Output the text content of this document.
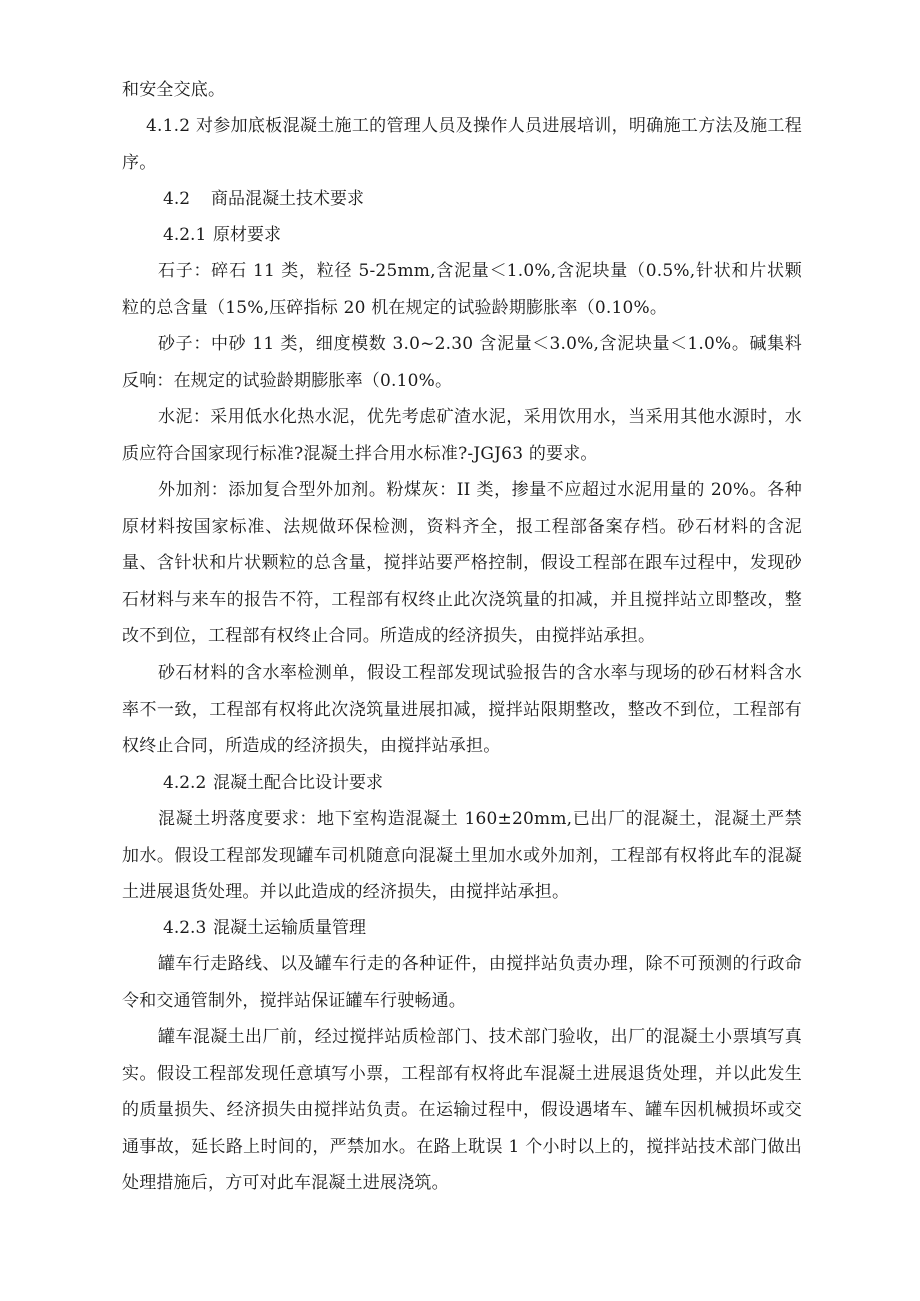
和安全交底。

4.1.2 对参加底板混凝土施工的管理人员及操作人员进展培训，明确施工方法及施工程序。

4.2 商品混凝土技术要求
4.2.1 原材要求

石子：碎石 11 类，粒径 5-25mm,含泥量＜1.0%,含泥块量（0.5%,针状和片状颗粒的总含量（15%,压碎指标 20 机在规定的试验龄期膨胀率（0.10%。

砂子：中砂 11 类，细度模数 3.0~2.30 含泥量＜3.0%,含泥块量＜1.0%。碱集料反响：在规定的试验龄期膨胀率（0.10%。

水泥：采用低水化热水泥，优先考虑矿渣水泥，采用饮用水，当采用其他水源时，水质应符合国家现行标准?混凝土拌合用水标准?-JGJ63 的要求。

外加剂：添加复合型外加剂。粉煤灰：II 类，掺量不应超过水泥用量的 20%。各种原材料按国家标准、法规做环保检测，资料齐全，报工程部备案存档。砂石材料的含泥量、含针状和片状颗粒的总含量，搅拌站要严格控制，假设工程部在跟车过程中，发现砂石材料与来车的报告不符，工程部有权终止此次浇筑量的扣减，并且搅拌站立即整改，整改不到位，工程部有权终止合同。所造成的经济损失，由搅拌站承担。

砂石材料的含水率检测单，假设工程部发现试验报告的含水率与现场的砂石材料含水率不一致，工程部有权将此次浇筑量进展扣减，搅拌站限期整改，整改不到位，工程部有权终止合同，所造成的经济损失，由搅拌站承担。

4.2.2 混凝土配合比设计要求

混凝土坍落度要求：地下室构造混凝土 160±20mm,已出厂的混凝土，混凝土严禁加水。假设工程部发现罐车司机随意向混凝土里加水或外加剂，工程部有权将此车的混凝土进展退货处理。并以此造成的经济损失，由搅拌站承担。

4.2.3 混凝土运输质量管理

罐车行走路线、以及罐车行走的各种证件，由搅拌站负责办理，除不可预测的行政命令和交通管制外，搅拌站保证罐车行驶畅通。

罐车混凝土出厂前，经过搅拌站质检部门、技术部门验收，出厂的混凝土小票填写真实。假设工程部发现任意填写小票，工程部有权将此车混凝土进展退货处理，并以此发生的质量损失、经济损失由搅拌站负责。在运输过程中，假设遇堵车、罐车因机械损坏或交通事故，延长路上时间的，严禁加水。在路上耽误 1 个小时以上的，搅拌站技术部门做出处理措施后，方可对此车混凝土进展浇筑。
